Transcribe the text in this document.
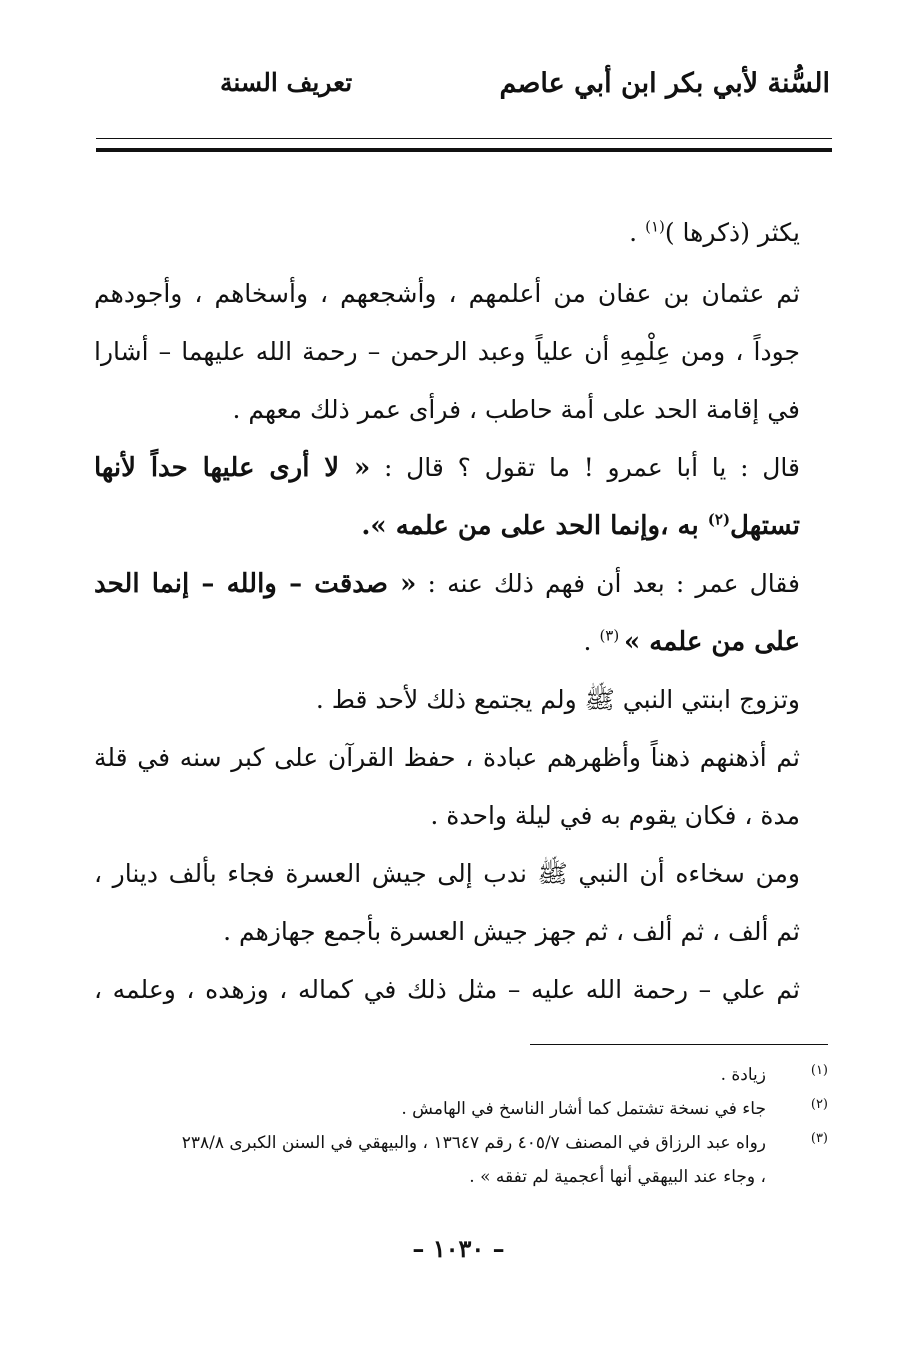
السُّنة لأبي بكر ابن أبي عاصم
تعريف السنة
يكثر (ذكرها )$^{(١)}$ .
ثم عثمان بن عفان من أعلمهم ، وأشجعهم ، وأسخاهم ، وأجودهم
جوداً ، ومن عِلْمِهِ أن علياً وعبد الرحمن – رحمة الله عليهما – أشارا
في إقامة الحد على أمة حاطب ، فرأى عمر ذلك معهم .
قال : يا أبا عمرو ! ما تقول ؟ قال : « لا أرى عليها حداً لأنها
تستهل$^{(٢)}$ به ،وإنما الحد على من علمه ».
فقال عمر : بعد أن فهم ذلك عنه : « صدقت – والله – إنما الحد
على من علمه » $^{(٣)}$ .
وتزوج ابنتي النبي ﷺ ولم يجتمع ذلك لأحد قط .
ثم أذهنهم ذهناً وأظهرهم عبادة ، حفظ القرآن على كبر سنه في قلة
مدة ، فكان يقوم به في ليلة واحدة .
ومن سخاءه أن النبي ﷺ ندب إلى جيش العسرة فجاء بألف دينار ،
ثم ألف ، ثم ألف ، ثم جهز جيش العسرة بأجمع جهازهم .
ثم علي – رحمة الله عليه – مثل ذلك في كماله ، وزهده ، وعلمه ،
(١)
زيادة .
(٢)
جاء في نسخة تشتمل كما أشار الناسخ في الهامش .
(٣)
رواه عبد الرزاق في المصنف ٤٠٥/٧ رقم ١٣٦٤٧ ، والبيهقي في السنن الكبرى ٢٣٨/٨
، وجاء عند البيهقي أنها أعجمية لم تفقه » .
– ١٠٣٠ –
